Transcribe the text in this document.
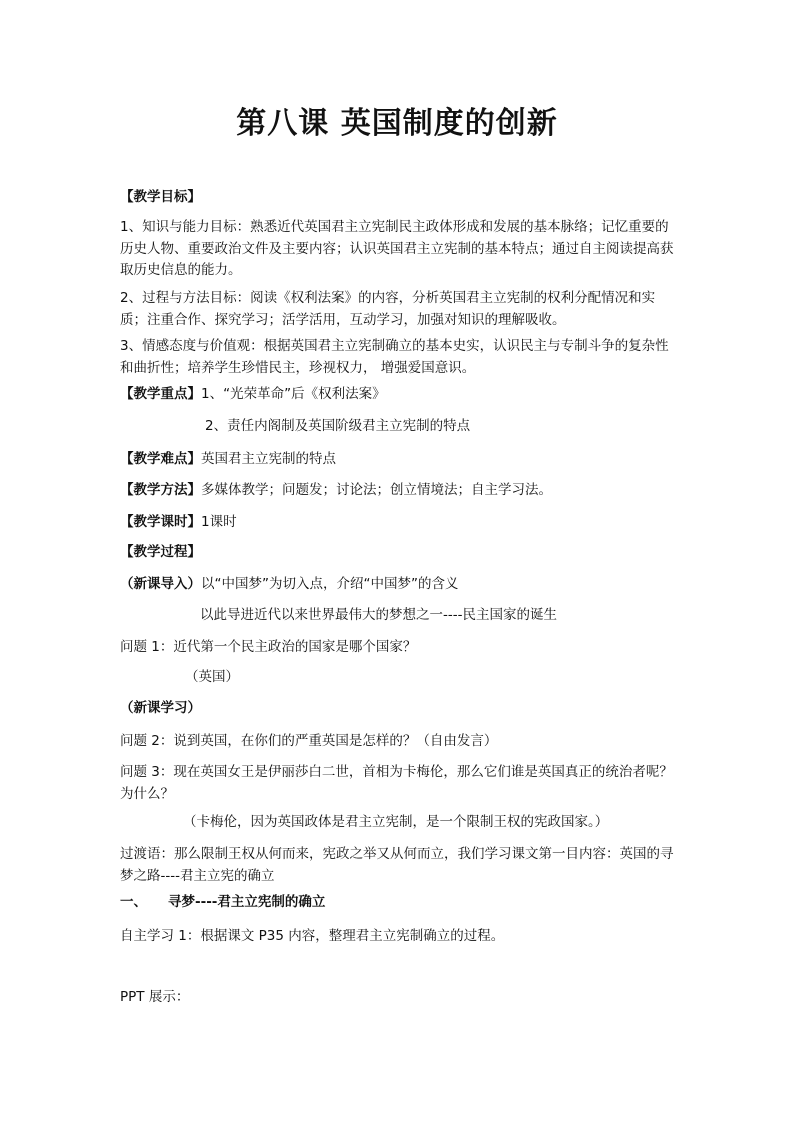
第八课 英国制度的创新
【教学目标】
1、知识与能力目标：熟悉近代英国君主立宪制民主政体形成和发展的基本脉络；记忆重要的历史人物、重要政治文件及主要内容；认识英国君主立宪制的基本特点；通过自主阅读提高获取历史信息的能力。
2、过程与方法目标：阅读《权利法案》的内容，分析英国君主立宪制的权利分配情况和实质；注重合作、探究学习；活学活用，互动学习，加强对知识的理解吸收。
3、情感态度与价值观：根据英国君主立宪制确立的基本史实，认识民主与专制斗争的复杂性和曲折性；培养学生珍惜民主，珍视权力， 增强爱国意识。
【教学重点】1、“光荣革命”后《权利法案》
2、责任内阁制及英国阶级君主立宪制的特点
【教学难点】英国君主立宪制的特点
【教学方法】多媒体教学；问题发；讨论法；创立情境法；自主学习法。
【教学课时】1课时
【教学过程】
（新课导入）以“中国梦”为切入点，介绍“中国梦”的含义
以此导进近代以来世界最伟大的梦想之一----民主国家的诞生
问题 1：近代第一个民主政治的国家是哪个国家？
（英国）
（新课学习）
问题 2：说到英国，在你们的严重英国是怎样的？（自由发言）
问题 3：现在英国女王是伊丽莎白二世，首相为卡梅伦，那么它们谁是英国真正的统治者呢？为什么？
（卡梅伦，因为英国政体是君主立宪制，是一个限制王权的宪政国家。）
过渡语：那么限制王权从何而来，宪政之举又从何而立，我们学习课文第一目内容：英国的寻梦之路----君主立宪的确立
一、 寻梦----君主立宪制的确立
自主学习 1：根据课文 P35 内容，整理君主立宪制确立的过程。
PPT 展示：
